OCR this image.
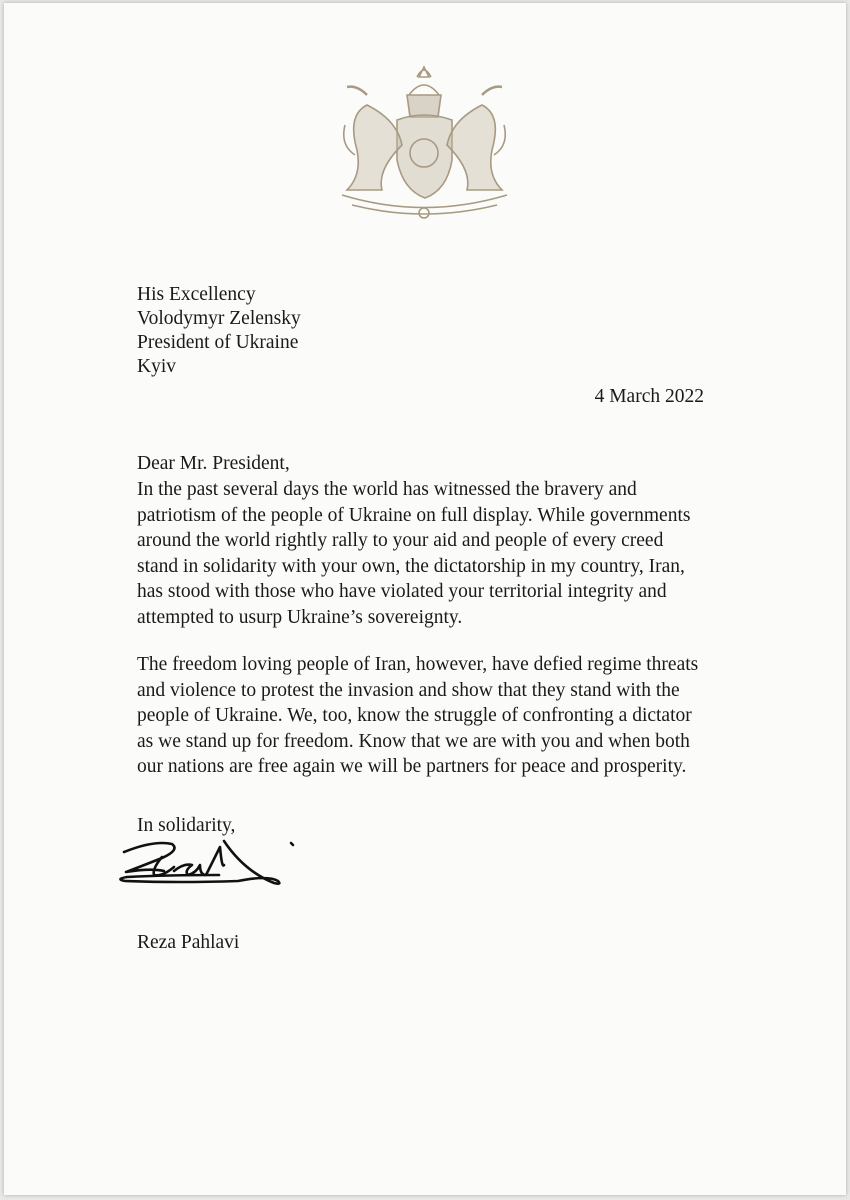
His Excellency
Volodymyr Zelensky
President of Ukraine
Kyiv
4 March 2022
Dear Mr. President,
In the past several days the world has witnessed the bravery and
patriotism of the people of Ukraine on full display. While governments
around the world rightly rally to your aid and people of every creed
stand in solidarity with your own, the dictatorship in my country, Iran,
has stood with those who have violated your territorial integrity and
attempted to usurp Ukraine’s sovereignty.
The freedom loving people of Iran, however, have defied regime threats
and violence to protest the invasion and show that they stand with the
people of Ukraine. We, too, know the struggle of confronting a dictator
as we stand up for freedom. Know that we are with you and when both
our nations are free again we will be partners for peace and prosperity.
In solidarity,
Reza Pahlavi
